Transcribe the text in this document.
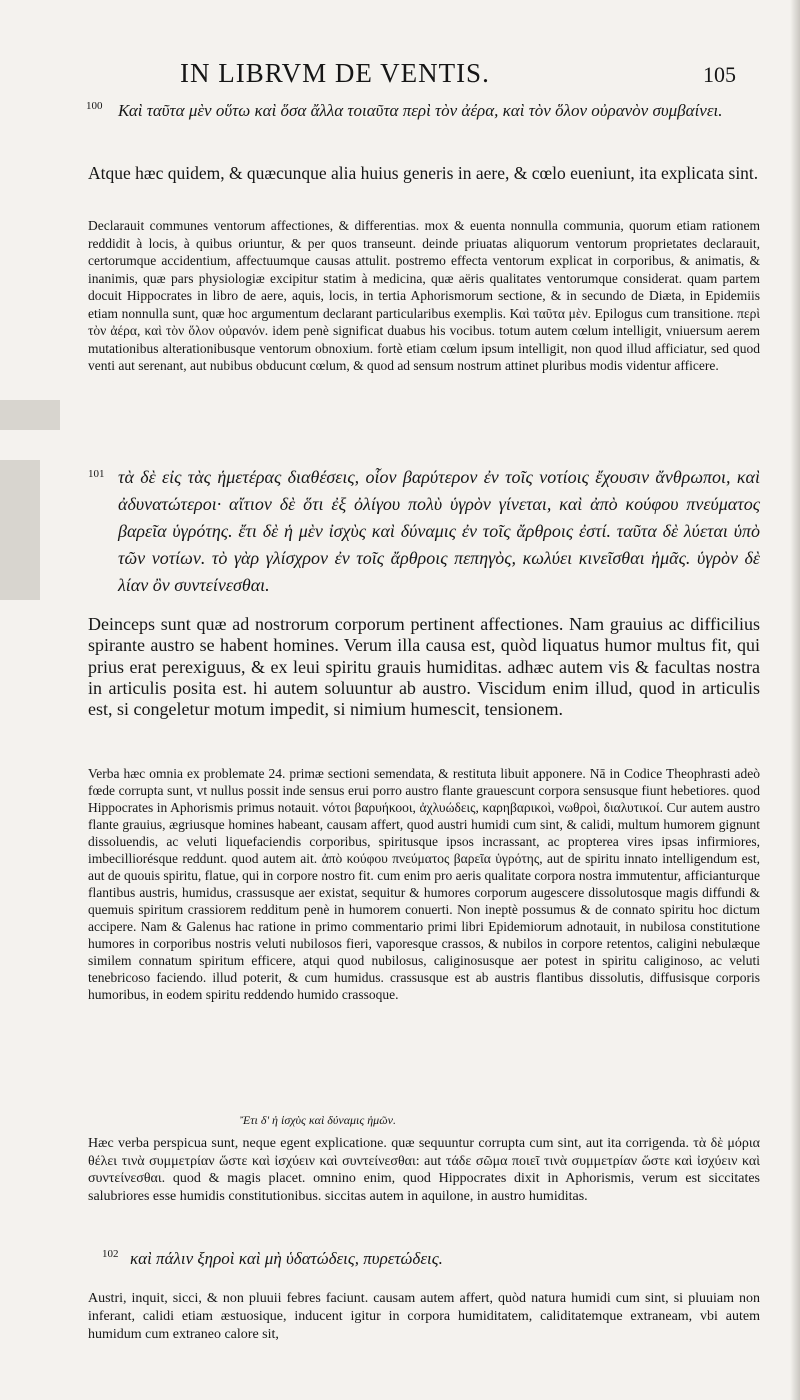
IN LIBRVM DE VENTIS.	105
100 Καὶ ταῦτα μὲν οὕτω καὶ ὅσα ἄλλα τοιαῦτα περὶ τὸν ἀέρα, καὶ τὸν ὅλον οὐρανὸν συμβαίνει.
Atque hæc quidem, & quæcunque alia huius generis in aere, & cœlo eueniunt, ita explicata sint.
Declarauit communes ventorum affectiones, & differentias. mox & euenta nonnulla communia, quorum etiam rationem reddidit à locis, à quibus oriuntur, & per quos transeunt. deinde priuatas aliquorum ventorum proprietates declarauit, certorumque accidentium, affectuumque causas attulit. postremo effecta ventorum explicat in corporibus, & animatis, & inanimis, quæ pars physiologiæ excipitur statim à medicina, quæ aëris qualitates ventorumque considerat. quam partem docuit Hippocrates in libro de aere, aquis, locis, in tertia Aphorismorum sectione, & in secundo de Diæta, in Epidemiis etiam nonnulla sunt, quæ hoc argumentum declarant particularibus exemplis. Καὶ ταῦτα μὲν. Epilogus cum transitione. περὶ τὸν ἀέρα, καὶ τὸν ὅλον οὐρανόν. idem penè significat duabus his vocibus. totum autem cœlum intelligit, vniuersum aerem mutationibus alterationibusque ventorum obnoxium. fortè etiam cœlum ipsum intelligit, non quod illud afficiatur, sed quod venti aut serenant, aut nubibus obducunt cœlum, & quod ad sensum nostrum attinet pluribus modis videntur afficere.
101 τὰ δὲ εἰς τὰς ἡμετέρας διαθέσεις, οἷον βαρύτερον ἐν τοῖς νοτίοις ἔχουσιν ἄνθρωποι, καὶ ἀδυνατώτεροι· αἴτιον δὲ ὅτι ἐξ ὀλίγου πολὺ ὑγρὸν γίνεται, καὶ ἀπὸ κούφου πνεύματος βαρεῖα ὑγρότης. ἔτι δὲ ἡ μὲν ἰσχὺς καὶ δύναμις ἐν τοῖς ἄρθροις ἐστί. ταῦτα δὲ λύεται ὑπὸ τῶν νοτίων. τὸ γὰρ γλίσχρον ἐν τοῖς ἄρθροις πεπηγὸς, κωλύει κινεῖσθαι ἡμᾶς. ὑγρὸν δὲ λίαν ὂν συντείνεσθαι.
Deinceps sunt quæ ad nostrorum corporum pertinent affectiones. Nam grauius ac difficilius spirante austro se habent homines. Verum illa causa est, quòd liquatus humor multus fit, qui prius erat perexiguus, & ex leui spiritu grauis humiditas. adhæc autem vis & facultas nostra in articulis posita est. hi autem soluuntur ab austro. Viscidum enim illud, quod in articulis est, si congeletur motum impedit, si nimium humescit, tensionem.
Verba hæc omnia ex problemate 24. primæ sectioni semendata, & restituta libuit apponere. Nā in Codice Theophrasti adeò fœde corrupta sunt, vt nullus possit inde sensus erui porro austro flante grauescunt corpora sensusque fiunt hebetiores. quod Hippocrates in Aphorismis primus notauit. νότοι βαρυήκοοι, ἀχλυώδεις, καρηβαρικοὶ, νωθροὶ, διαλυτικοί. Cur autem austro flante grauius, ægriusque homines habeant, causam affert, quod austri humidi cum sint, & calidi, multum humorem gignunt dissoluendis, ac veluti liquefaciendis corporibus, spiritusque ipsos incrassant, ac propterea vires ipsas infirmiores, imbecilliorésque reddunt. quod autem ait. ἀπὸ κούφου πνεύματος βαρεῖα ὑγρότης, aut de spiritu innato intelligendum est, aut de quouis spiritu, flatue, qui in corpore nostro fit. cum enim pro aeris qualitate corpora nostra immutentur, afficianturque flantibus austris, humidus, crassusque aer existat, sequitur & humores corporum augescere dissolutosque magis diffundi & quemuis spiritum crassiorem redditum penè in humorem conuerti. Non ineptè possumus & de connato spiritu hoc dictum accipere. Nam & Galenus hac ratione in primo commentario primi libri Epidemiorum adnotauit, in nubilosa constitutione humores in corporibus nostris veluti nubilosos fieri, vaporesque crassos, & nubilos in corpore retentos, caligini nebulæque similem connatum spiritum efficere, atqui quod nubilosus, caliginosusque aer potest in spiritu caliginoso, ac veluti tenebricoso faciendo. illud poterit, & cum humidus. crassusque est ab austris flantibus dissolutis, diffusisque corporis humoribus, in eodem spiritu reddendo humido crassoque.
Ἔτι δ' ἡ ἰσχὺς καὶ δύναμις ἡμῶν.
Hæc verba perspicua sunt, neque egent explicatione. quæ sequuntur corrupta cum sint, aut ita corrigenda. τὰ δὲ μόρια θέλει τινὰ συμμετρίαν ὥστε καὶ ἰσχύειν καὶ συντείνεσθαι: aut τάδε σῶμα ποιεῖ τινὰ συμμετρίαν ὥστε καὶ ἰσχύειν καὶ συντείνεσθαι. quod & magis placet. omnino enim, quod Hippocrates dixit in Aphorismis, verum est siccitates salubriores esse humidis constitutionibus. siccitas autem in aquilone, in austro humiditas.
102 καὶ πάλιν ξηροὶ καὶ μὴ ὑδατώδεις, πυρετώδεις.
Austri, inquit, sicci, & non pluuii febres faciunt. causam autem affert, quòd natura humidi cum sint, si pluuiam non inferant, calidi etiam æstuosique, inducent igitur in corpora humiditatem, caliditatemque extraneam, vbi autem humidum cum extraneo calore sit,
